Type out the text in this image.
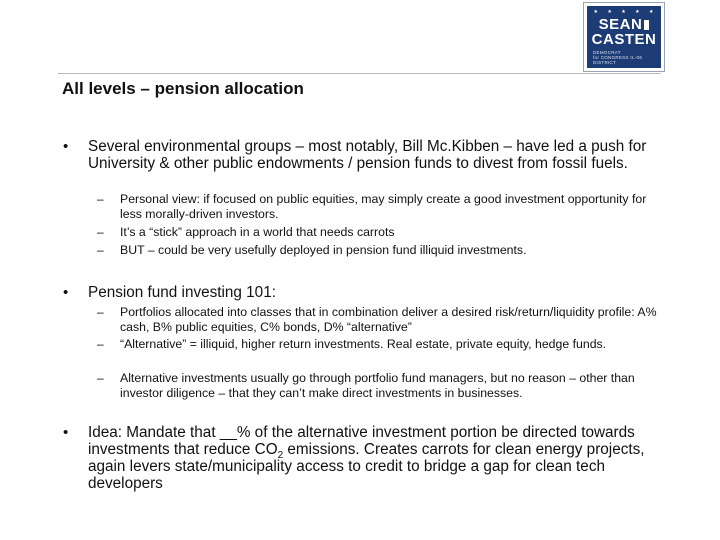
★ ★ ★ ★ ★
SEAN
CASTEN
DEMOCRAT
for CONGRESS IL-06 DISTRICT
All levels – pension allocation
• Several environmental groups – most notably, Bill Mc.Kibben – have led a push for University & other public endowments / pension funds to divest from fossil fuels.

– Personal view: if focused on public equities, may simply create a good investment opportunity for less morally-driven investors.

– It’s a “stick” approach in a world that needs carrots

– BUT – could be very usefully deployed in pension fund illiquid investments.

• Pension fund investing 101:

– Portfolios allocated into classes that in combination deliver a desired risk/return/liquidity profile: A% cash, B% public equities, C% bonds, D% “alternative”

– “Alternative” = illiquid, higher return investments. Real estate, private equity, hedge funds.

– Alternative investments usually go through portfolio fund managers, but no reason – other than investor diligence – that they can’t make direct investments in businesses.

• Idea: Mandate that __% of the alternative investment portion be directed towards investments that reduce $CO_2$ emissions. Creates carrots for clean energy projects, again levers state/municipality access to credit to bridge a gap for clean tech developers
